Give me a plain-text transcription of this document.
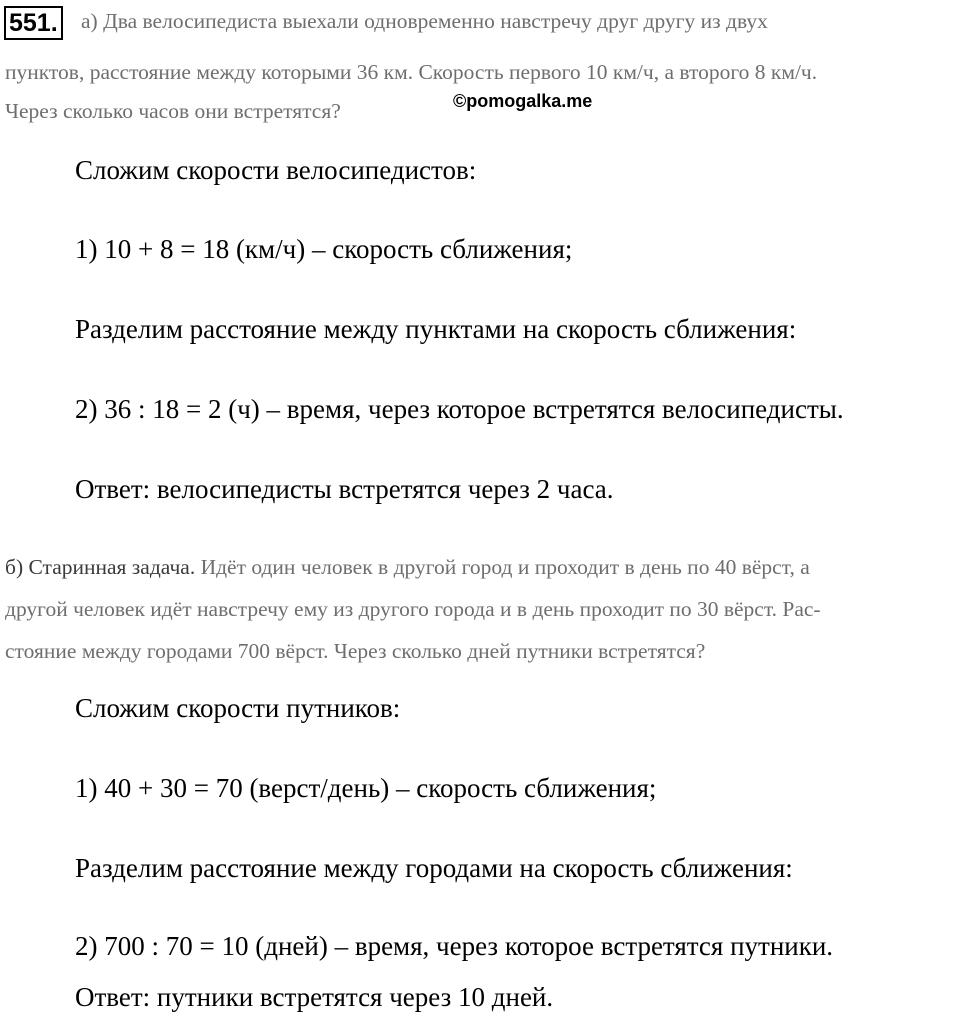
551. а) Два велосипедиста выехали одновременно навстречу друг другу из двух
пунктов, расстояние между которыми 36 км. Скорость первого 10 км/ч, а второго 8 км/ч.
Через сколько часов они встретятся?	©pomogalka.me
Сложим скорости велосипедистов:
1) 10 + 8 = 18 (км/ч) – скорость сближения;
Разделим расстояние между пунктами на скорость сближения:
2) 36 : 18 = 2 (ч) – время, через которое встретятся велосипедисты.
Ответ: велосипедисты встретятся через 2 часа.
б) Старинная задача. Идёт один человек в другой город и проходит в день по 40 вёрст, а
другой человек идёт навстречу ему из другого города и в день проходит по 30 вёрст. Рас-
стояние между городами 700 вёрст. Через сколько дней путники встретятся?
Сложим скорости путников:
1) 40 + 30 = 70 (верст/день) – скорость сближения;
Разделим расстояние между городами на скорость сближения:
2) 700 : 70 = 10 (дней) – время, через которое встретятся путники.
Ответ: путники встретятся через 10 дней.
